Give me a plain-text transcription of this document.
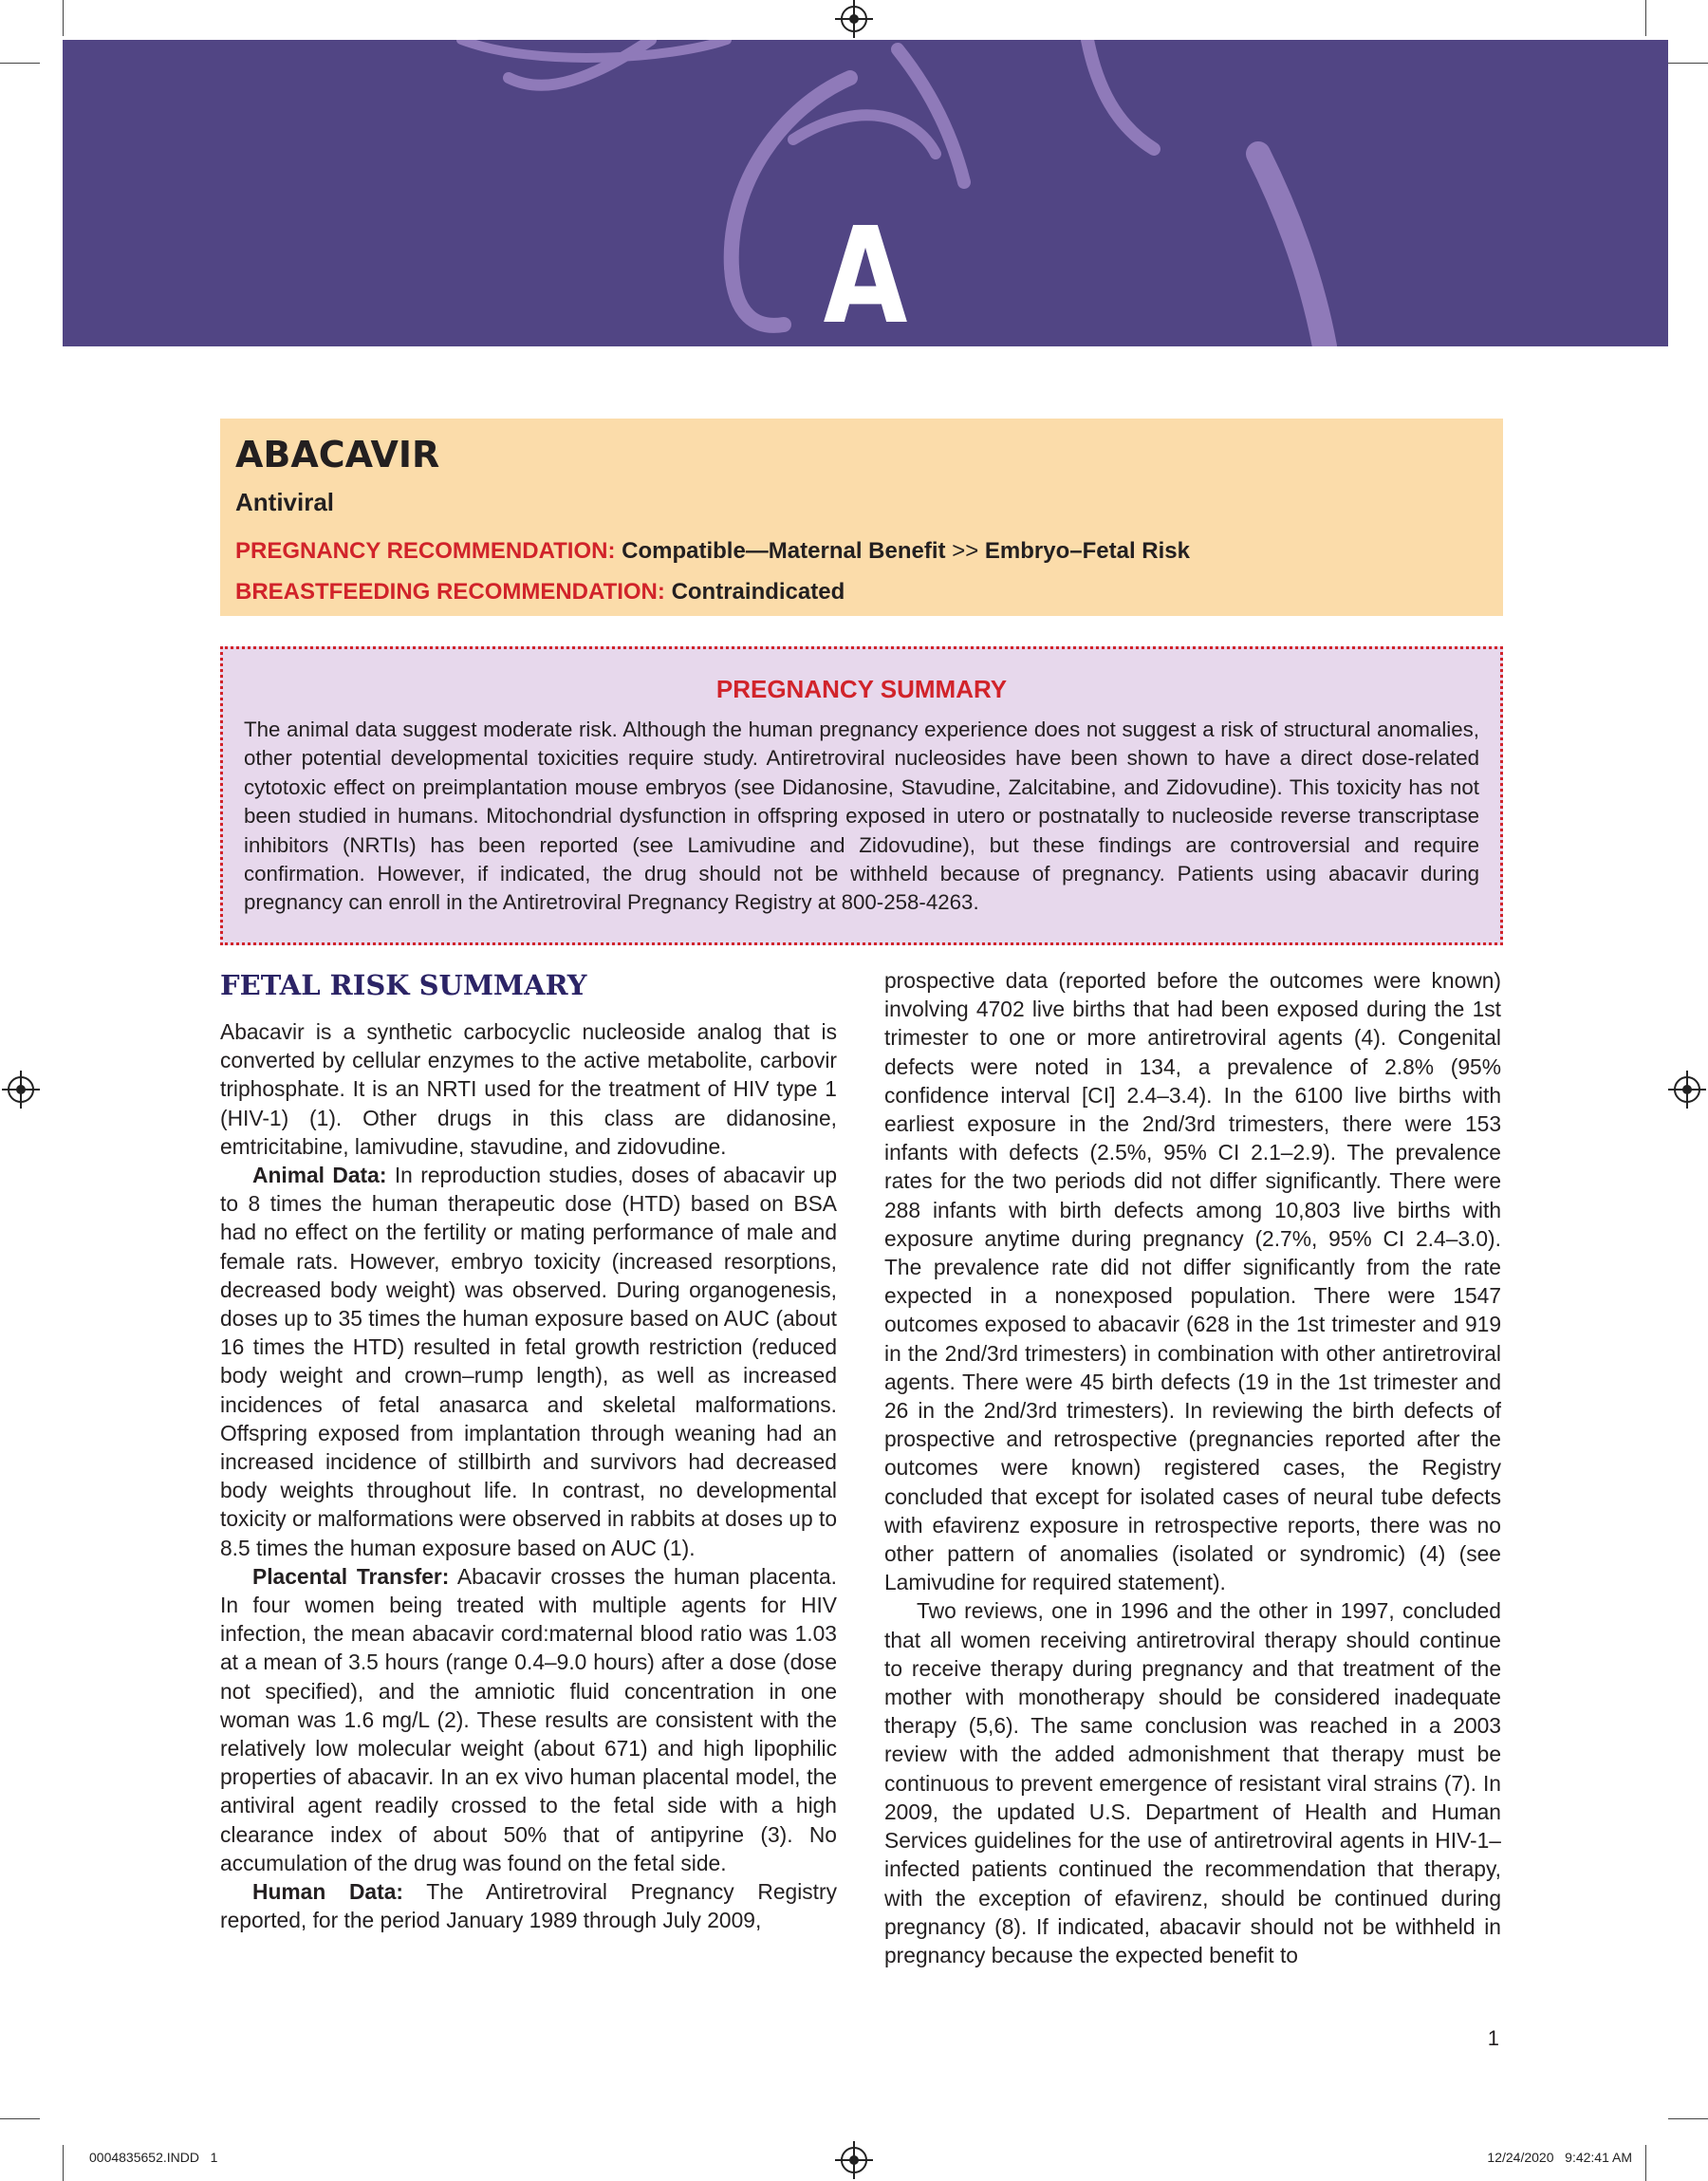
A
ABACAVIR
Antiviral
PREGNANCY RECOMMENDATION: Compatible—Maternal Benefit >> Embryo–Fetal Risk
BREASTFEEDING RECOMMENDATION: Contraindicated
PREGNANCY SUMMARY

The animal data suggest moderate risk. Although the human pregnancy experience does not suggest a risk of structural anomalies, other potential developmental toxicities require study. Antiretroviral nucleosides have been shown to have a direct dose-related cytotoxic effect on preimplantation mouse embryos (see Didanosine, Stavudine, Zalcitabine, and Zidovudine). This toxicity has not been studied in humans. Mitochondrial dysfunction in offspring exposed in utero or postnatally to nucleoside reverse transcriptase inhibitors (NRTIs) has been reported (see Lamivudine and Zidovudine), but these findings are controversial and require confirmation. However, if indicated, the drug should not be withheld because of pregnancy. Patients using abacavir during pregnancy can enroll in the Antiretroviral Pregnancy Registry at 800-258-4263.

FETAL RISK SUMMARY

Abacavir is a synthetic carbocyclic nucleoside analog that is converted by cellular enzymes to the active metabolite, carbovir triphosphate. It is an NRTI used for the treatment of HIV type 1 (HIV-1) (1). Other drugs in this class are didanosine, emtricitabine, lamivudine, stavudine, and zidovudine.

Animal Data: In reproduction studies, doses of abacavir up to 8 times the human therapeutic dose (HTD) based on BSA had no effect on the fertility or mating performance of male and female rats. However, embryo toxicity (increased resorptions, decreased body weight) was observed. During organogenesis, doses up to 35 times the human exposure based on AUC (about 16 times the HTD) resulted in fetal growth restriction (reduced body weight and crown–rump length), as well as increased incidences of fetal anasarca and skeletal malformations. Offspring exposed from implantation through weaning had an increased incidence of stillbirth and survivors had decreased body weights throughout life. In contrast, no developmental toxicity or malformations were observed in rabbits at doses up to 8.5 times the human exposure based on AUC (1).

Placental Transfer: Abacavir crosses the human placenta. In four women being treated with multiple agents for HIV infection, the mean abacavir cord:maternal blood ratio was 1.03 at a mean of 3.5 hours (range 0.4–9.0 hours) after a dose (dose not specified), and the amniotic fluid concentration in one woman was 1.6 mg/L (2). These results are consistent with the relatively low molecular weight (about 671) and high lipophilic properties of abacavir. In an ex vivo human placental model, the antiviral agent readily crossed to the fetal side with a high clearance index of about 50% that of antipyrine (3). No accumulation of the drug was found on the fetal side.

Human Data: The Antiretroviral Pregnancy Registry reported, for the period January 1989 through July 2009,

prospective data (reported before the outcomes were known) involving 4702 live births that had been exposed during the 1st trimester to one or more antiretroviral agents (4). Congenital defects were noted in 134, a prevalence of 2.8% (95% confidence interval [CI] 2.4–3.4). In the 6100 live births with earliest exposure in the 2nd/3rd trimesters, there were 153 infants with defects (2.5%, 95% CI 2.1–2.9). The prevalence rates for the two periods did not differ significantly. There were 288 infants with birth defects among 10,803 live births with exposure anytime during pregnancy (2.7%, 95% CI 2.4–3.0). The prevalence rate did not differ significantly from the rate expected in a nonexposed population. There were 1547 outcomes exposed to abacavir (628 in the 1st trimester and 919 in the 2nd/3rd trimesters) in combination with other antiretroviral agents. There were 45 birth defects (19 in the 1st trimester and 26 in the 2nd/3rd trimesters). In reviewing the birth defects of prospective and retrospective (pregnancies reported after the outcomes were known) registered cases, the Registry concluded that except for isolated cases of neural tube defects with efavirenz exposure in retrospective reports, there was no other pattern of anomalies (isolated or syndromic) (4) (see Lamivudine for required statement).

Two reviews, one in 1996 and the other in 1997, concluded that all women receiving antiretroviral therapy should continue to receive therapy during pregnancy and that treatment of the mother with monotherapy should be considered inadequate therapy (5,6). The same conclusion was reached in a 2003 review with the added admonishment that therapy must be continuous to prevent emergence of resistant viral strains (7). In 2009, the updated U.S. Department of Health and Human Services guidelines for the use of antiretroviral agents in HIV-1–infected patients continued the recommendation that therapy, with the exception of efavirenz, should be continued during pregnancy (8). If indicated, abacavir should not be withheld in pregnancy because the expected benefit to

1
0004835652.INDD   1	12/24/2020   9:42:41 AM
